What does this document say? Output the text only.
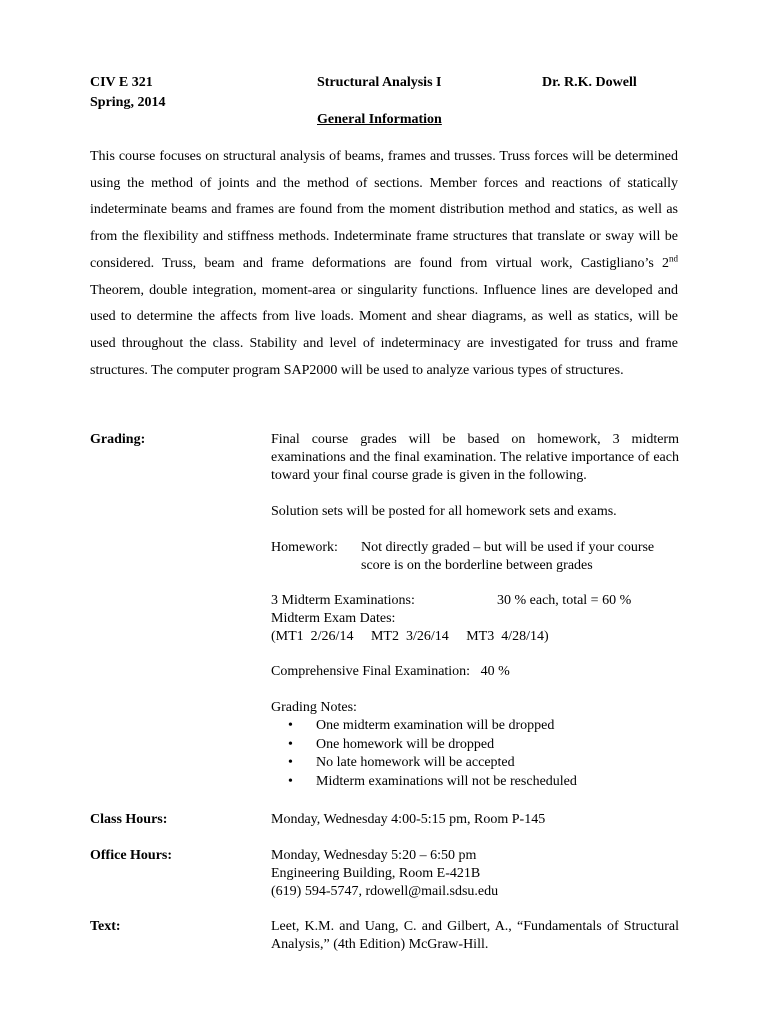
CIV E 321
Spring, 2014
Structural Analysis I	Dr. R.K. Dowell
General Information

This course focuses on structural analysis of beams, frames and trusses. Truss forces will be determined using the method of joints and the method of sections. Member forces and reactions of statically indeterminate beams and frames are found from the moment distribution method and statics, as well as from the flexibility and stiffness methods. Indeterminate frame structures that translate or sway will be considered. Truss, beam and frame deformations are found from virtual work, Castigliano’s 2nd Theorem, double integration, moment-area or singularity functions. Influence lines are developed and used to determine the affects from live loads. Moment and shear diagrams, as well as statics, will be used throughout the class. Stability and level of indeterminacy are investigated for truss and frame structures. The computer program SAP2000 will be used to analyze various types of structures.

Grading:	Final course grades will be based on homework, 3 midterm examinations and the final examination. The relative importance of each toward your final course grade is given in the following.
Solution sets will be posted for all homework sets and exams.
Homework: Not directly graded – but will be used if your course score is on the borderline between grades
3 Midterm Examinations:	30 % each, total = 60 %
Midterm Exam Dates:
(MT1  2/26/14     MT2  3/26/14     MT3  4/28/14)
Comprehensive Final Examination:   40 %
Grading Notes:
• One midterm examination will be dropped
• One homework will be dropped
• No late homework will be accepted
• Midterm examinations will not be rescheduled
Class Hours:	Monday, Wednesday 4:00-5:15 pm, Room P-145
Office Hours:	Monday, Wednesday 5:20 – 6:50 pm
Engineering Building, Room E-421B
(619) 594-5747, rdowell@mail.sdsu.edu
Text:	Leet, K.M. and Uang, C. and Gilbert, A., “Fundamentals of Structural Analysis,” (4th Edition) McGraw-Hill.
